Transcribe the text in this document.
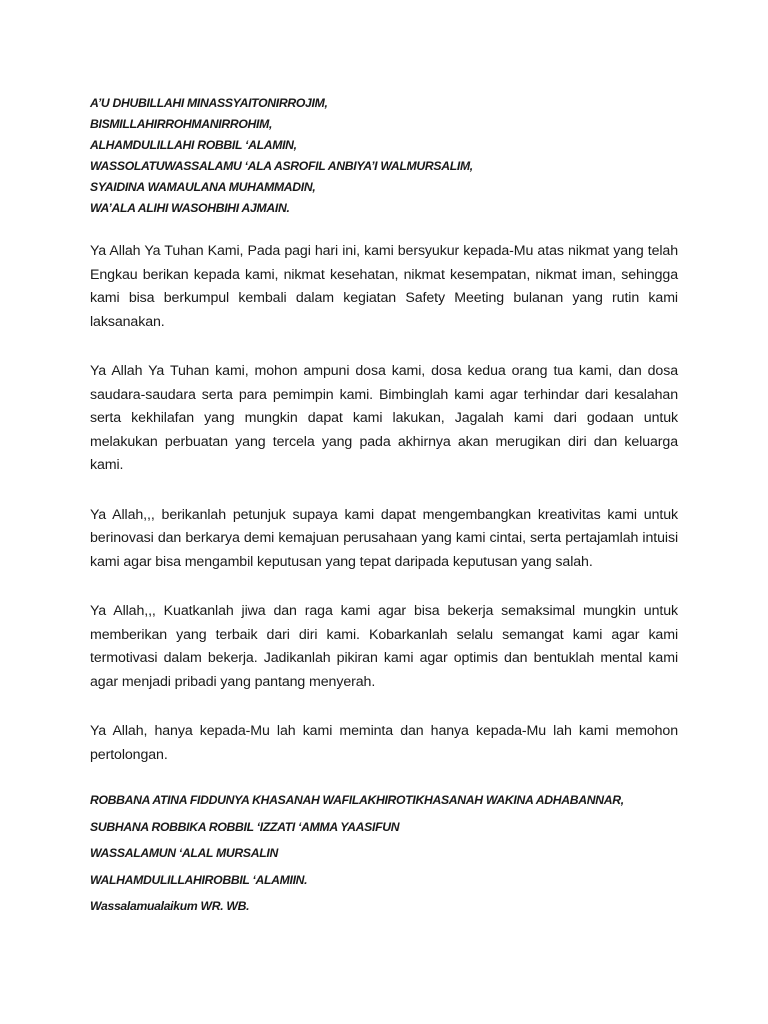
A’U DHUBILLAHI MINASSYAITONIRROJIM,
BISMILLAHIRROHMANIRROHIM,
ALHAMDULILLAHI ROBBIL ‘ALAMIN,
WASSOLATUWASSALAMU ‘ALA ASROFIL ANBIYA’I WALMURSALIM,
SYAIDINA WAMAULANA MUHAMMADIN,
WA’ALA ALIHI WASOHBIHI AJMAIN.

Ya Allah Ya Tuhan Kami, Pada pagi hari ini, kami bersyukur kepada-Mu atas nikmat yang telah Engkau berikan kepada kami, nikmat kesehatan, nikmat kesempatan, nikmat iman, sehingga kami bisa berkumpul kembali dalam kegiatan Safety Meeting bulanan yang rutin kami laksanakan.

Ya Allah Ya Tuhan kami, mohon ampuni dosa kami, dosa kedua orang tua kami, dan dosa saudara-saudara serta para pemimpin kami. Bimbinglah kami agar terhindar dari kesalahan serta kekhilafan yang mungkin dapat kami lakukan, Jagalah kami dari godaan untuk melakukan perbuatan yang tercela yang pada akhirnya akan merugikan diri dan keluarga kami.

Ya Allah,,, berikanlah petunjuk supaya kami dapat mengembangkan kreativitas kami untuk berinovasi dan berkarya demi kemajuan perusahaan yang kami cintai, serta pertajamlah intuisi kami agar bisa mengambil keputusan yang tepat daripada keputusan yang salah.

Ya Allah,,, Kuatkanlah jiwa dan raga kami agar bisa bekerja semaksimal mungkin untuk memberikan yang terbaik dari diri kami. Kobarkanlah selalu semangat kami agar kami termotivasi dalam bekerja. Jadikanlah pikiran kami agar optimis dan bentuklah mental kami agar menjadi pribadi yang pantang menyerah.

Ya Allah, hanya kepada-Mu lah kami meminta dan hanya kepada-Mu lah kami memohon pertolongan.

ROBBANA ATINA FIDDUNYA KHASANAH WAFILAKHIROTIKHASANAH WAKINA ADHABANNAR,
SUBHANA ROBBIKA ROBBIL ‘IZZATI ‘AMMA YAASIFUN
WASSALAMUN ‘ALAL MURSALIN
WALHAMDULILLAHIROBBIL ‘ALAMIIN.
Wassalamualaikum WR. WB.
